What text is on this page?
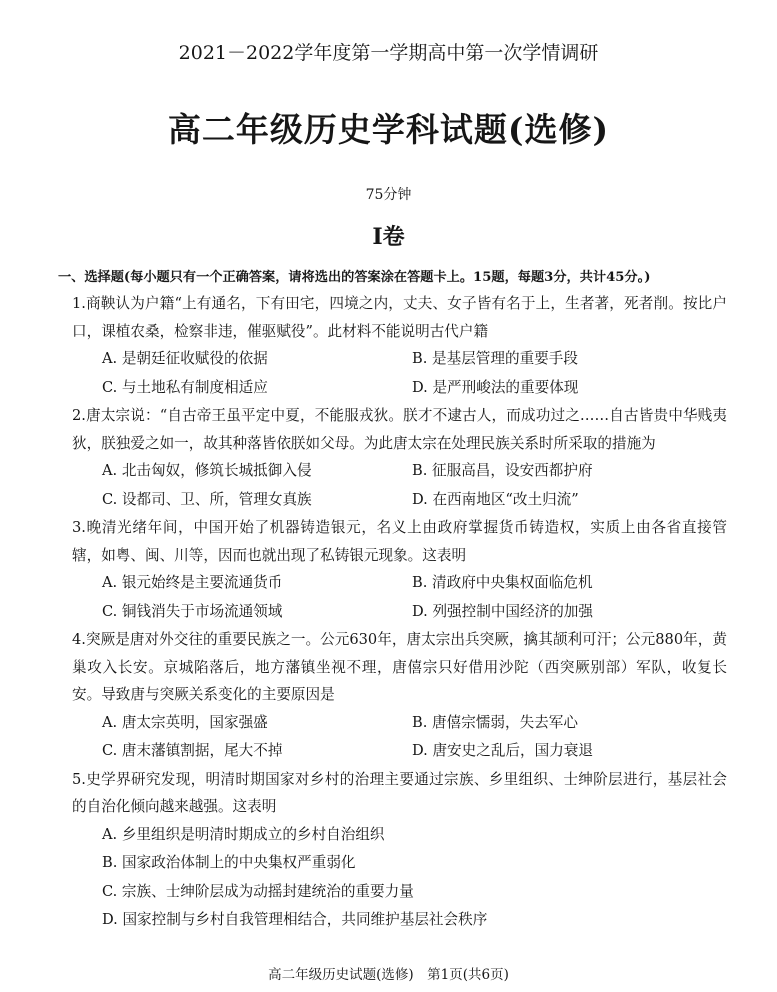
2021－2022学年度第一学期高中第一次学情调研
高二年级历史学科试题(选修)
75分钟
Ⅰ卷
一、选择题(每小题只有一个正确答案，请将选出的答案涂在答题卡上。15题，每题3分，共计45分。)
1.商鞅认为户籍“上有通名，下有田宅，四境之内，丈夫、女子皆有名于上，生者著，死者削。按比户口，课植农桑，检察非违，催驱赋役”。此材料不能说明古代户籍
A. 是朝廷征收赋役的依据	B. 是基层管理的重要手段
C. 与土地私有制度相适应	D. 是严刑峻法的重要体现
2.唐太宗说：“自古帝王虽平定中夏，不能服戎狄。朕才不逮古人，而成功过之……自古皆贵中华贱夷狄，朕独爱之如一，故其种落皆依朕如父母。为此唐太宗在处理民族关系时所采取的措施为
A. 北击匈奴，修筑长城抵御入侵	B. 征服高昌，设安西都护府
C. 设都司、卫、所，管理女真族	D. 在西南地区“改土归流”
3.晚清光绪年间，中国开始了机器铸造银元，名义上由政府掌握货币铸造权，实质上由各省直接管辖，如粤、闽、川等，因而也就出现了私铸银元现象。这表明
A. 银元始终是主要流通货币	B. 清政府中央集权面临危机
C. 铜钱消失于市场流通领域	D. 列强控制中国经济的加强
4.突厥是唐对外交往的重要民族之一。公元630年，唐太宗出兵突厥，擒其颉利可汗；公元880年，黄巢攻入长安。京城陷落后，地方藩镇坐视不理，唐僖宗只好借用沙陀（西突厥别部）军队，收复长安。导致唐与突厥关系变化的主要原因是
A. 唐太宗英明，国家强盛	B. 唐僖宗懦弱，失去军心
C. 唐末藩镇割据，尾大不掉	D. 唐安史之乱后，国力衰退
5.史学界研究发现，明清时期国家对乡村的治理主要通过宗族、乡里组织、士绅阶层进行，基层社会的自治化倾向越来越强。这表明
A. 乡里组织是明清时期成立的乡村自治组织
B. 国家政治体制上的中央集权严重弱化
C. 宗族、士绅阶层成为动摇封建统治的重要力量
D. 国家控制与乡村自我管理相结合，共同维护基层社会秩序
高二年级历史试题(选修)　第1页(共6页)
